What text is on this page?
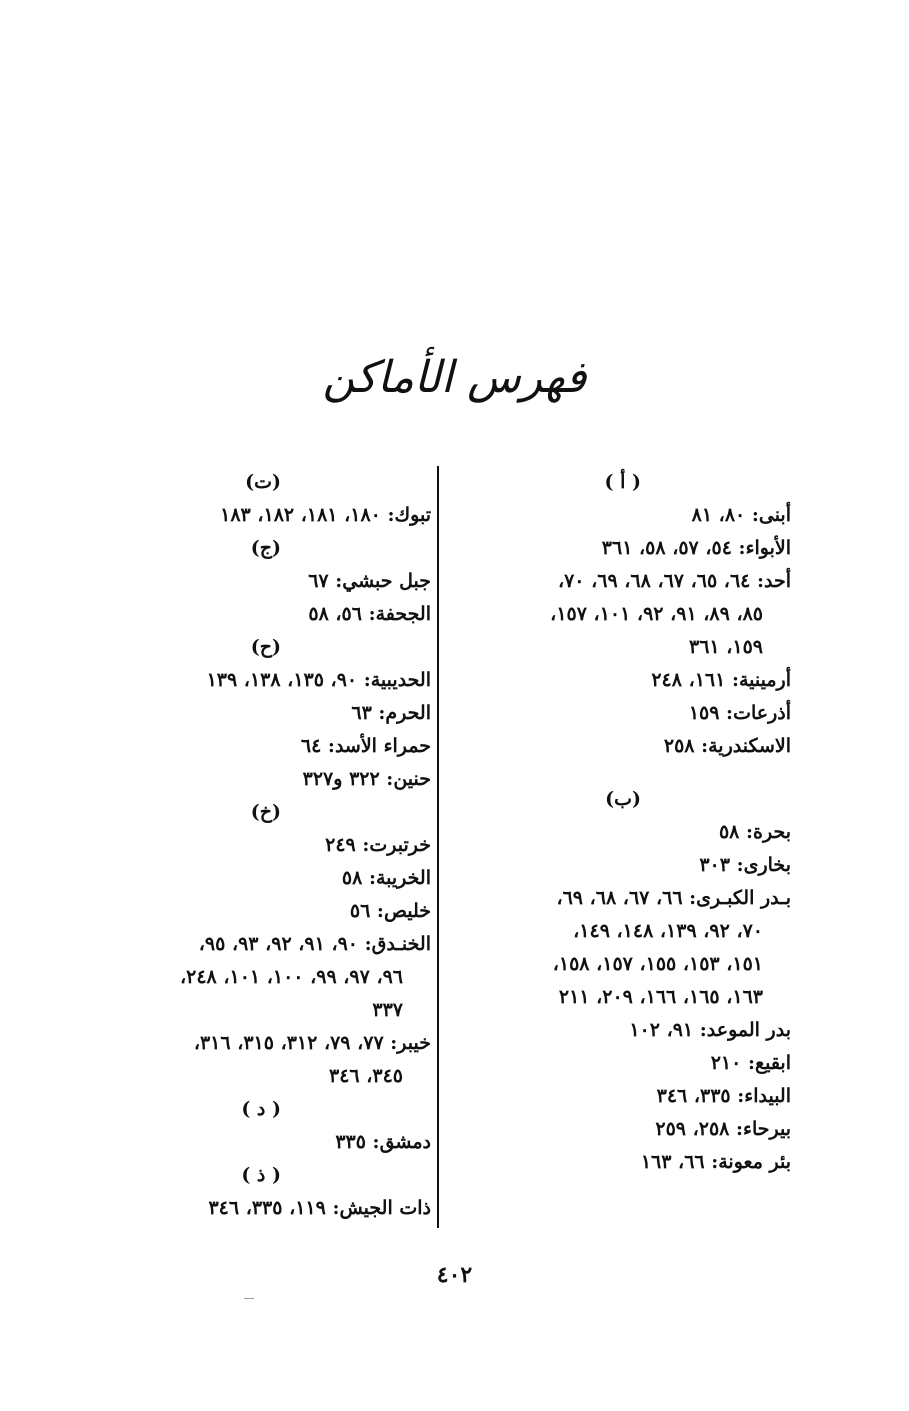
فهرس الأماكن
( أ )
أبنى: ٨٠، ٨١
الأبواء: ٥٤، ٥٧، ٥٨، ٣٦١
أحد: ٦٤، ٦٥، ٦٧، ٦٨، ٦٩، ٧٠،
٨٥، ٨٩، ٩١، ٩٢، ١٠١، ١٥٧،
١٥٩، ٣٦١
أرمينية: ١٦١، ٢٤٨
أذرعات: ١٥٩
الاسكندرية: ٢٥٨
(ب)
بحرة: ٥٨
بخارى: ٣٠٣
بـدر الكبـرى: ٦٦، ٦٧، ٦٨، ٦٩،
٧٠، ٩٢، ١٣٩، ١٤٨، ١٤٩،
١٥١، ١٥٣، ١٥٥، ١٥٧، ١٥٨،
١٦٣، ١٦٥، ١٦٦، ٢٠٩، ٢١١
بدر الموعد: ٩١، ١٠٢
ابقيع: ٢١٠
البيداء: ٣٣٥، ٣٤٦
بيرحاء: ٢٥٨، ٢٥٩
بئر معونة: ٦٦، ١٦٣
(ت)
تبوك: ١٨٠، ١٨١، ١٨٢، ١٨٣
(ج)
جبل حبشي: ٦٧
الجحفة: ٥٦، ٥٨
(ح)
الحديبية: ٩٠، ١٣٥، ١٣٨، ١٣٩
الحرم: ٦٣
حمراء الأسد: ٦٤
حنين: ٣٢٢ و٣٢٧
(خ)
خرتبرت: ٢٤٩
الخريبة: ٥٨
خليص: ٥٦
الخنـدق: ٩٠، ٩١، ٩٢، ٩٣، ٩٥،
٩٦، ٩٧، ٩٩، ١٠٠، ١٠١، ٢٤٨،
٣٣٧
خيبر: ٧٧، ٧٩، ٣١٢، ٣١٥، ٣١٦،
٣٤٥، ٣٤٦
( د )
دمشق: ٣٣٥
( ذ )
ذات الجيش: ١١٩، ٣٣٥، ٣٤٦
٤٠٢
